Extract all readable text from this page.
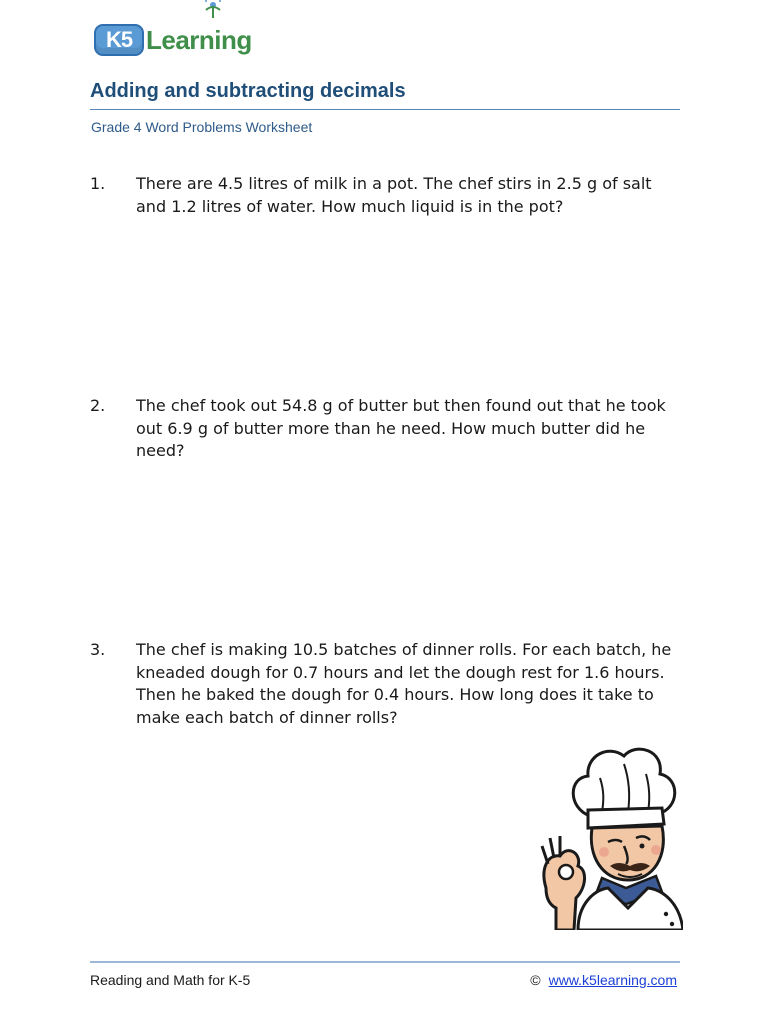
K5 Learning
Adding and subtracting decimals
Grade 4 Word Problems Worksheet
1.	There are 4.5 litres of milk in a pot. The chef stirs in 2.5 g of salt and 1.2 litres of water. How much liquid is in the pot?
2.	The chef took out 54.8 g of butter but then found out that he took out 6.9 g of butter more than he need. How much butter did he need?
3.	The chef is making 10.5 batches of dinner rolls. For each batch, he kneaded dough for 0.7 hours and let the dough rest for 1.6 hours. Then he baked the dough for 0.4 hours. How long does it take to make each batch of dinner rolls?
Reading and Math for K-5	© www.k5learning.com
